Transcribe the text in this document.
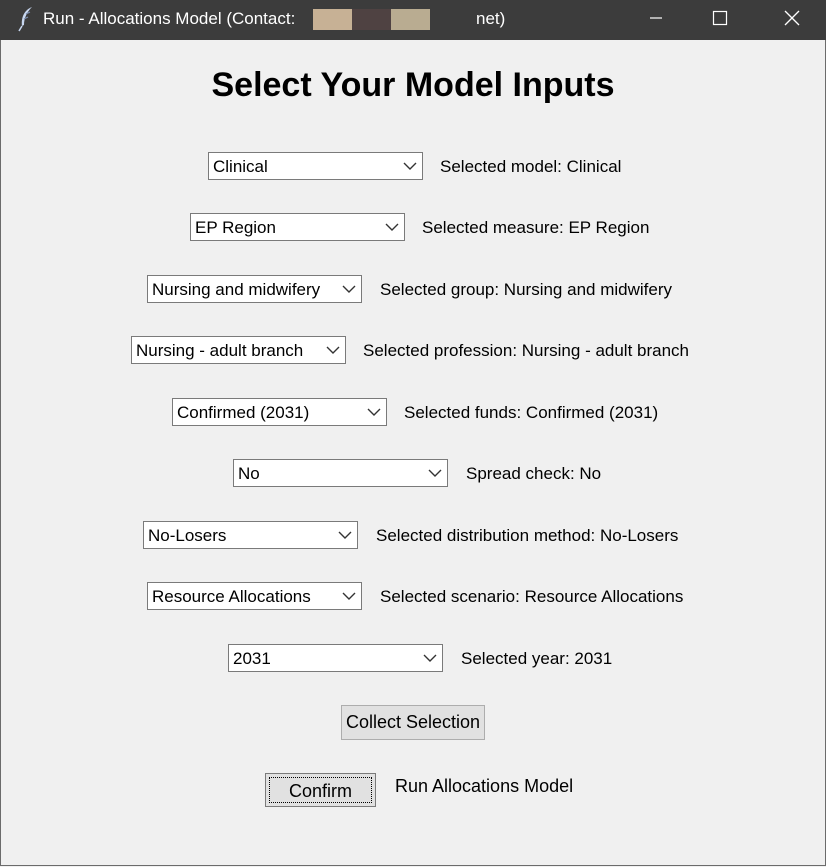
Run - Allocations Model (Contact:	net)
Select Your Model Inputs
Clinical	Selected model: Clinical
EP Region	Selected measure: EP Region
Nursing and midwifery	Selected group: Nursing and midwifery
Nursing - adult branch	Selected profession: Nursing - adult branch
Confirmed (2031)	Selected funds: Confirmed (2031)
No	Spread check: No
No-Losers	Selected distribution method: No-Losers
Resource Allocations	Selected scenario: Resource Allocations
2031	Selected year: 2031
Collect Selection
Confirm	Run Allocations Model
